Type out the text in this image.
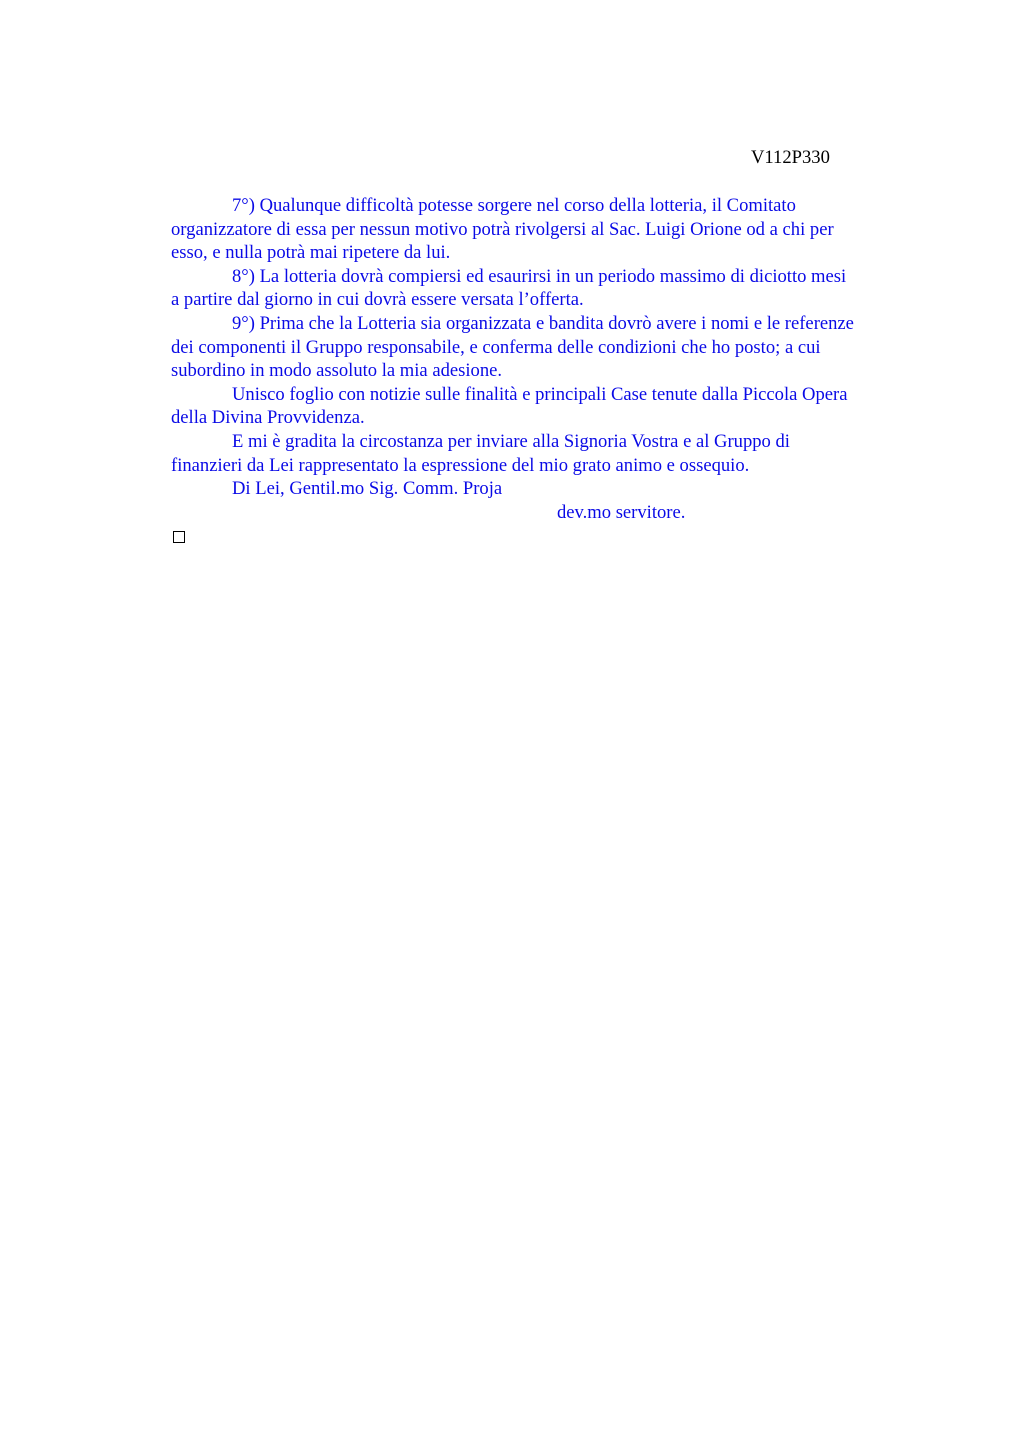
V112P330

7°) Qualunque difficoltà potesse sorgere nel corso della lotteria, il Comitato
organizzatore di essa per nessun motivo potrà rivolgersi al Sac. Luigi Orione od a chi per
esso, e nulla potrà mai ripetere da lui.

8°) La lotteria dovrà compiersi ed esaurirsi in un periodo massimo di diciotto mesi
a partire dal giorno in cui dovrà essere versata l’offerta.

9°) Prima che la Lotteria sia organizzata e bandita dovrò avere i nomi e le referenze
dei componenti il Gruppo responsabile, e conferma delle condizioni che ho posto; a cui
subordino in modo assoluto la mia adesione.

Unisco foglio con notizie sulle finalità e principali Case tenute dalla Piccola Opera
della Divina Provvidenza.

E mi è gradita la circostanza per inviare alla Signoria Vostra e al Gruppo di
finanzieri da Lei rappresentato la espressione del mio grato animo e ossequio.

Di Lei, Gentil.mo Sig. Comm. Proja

dev.mo servitore.
